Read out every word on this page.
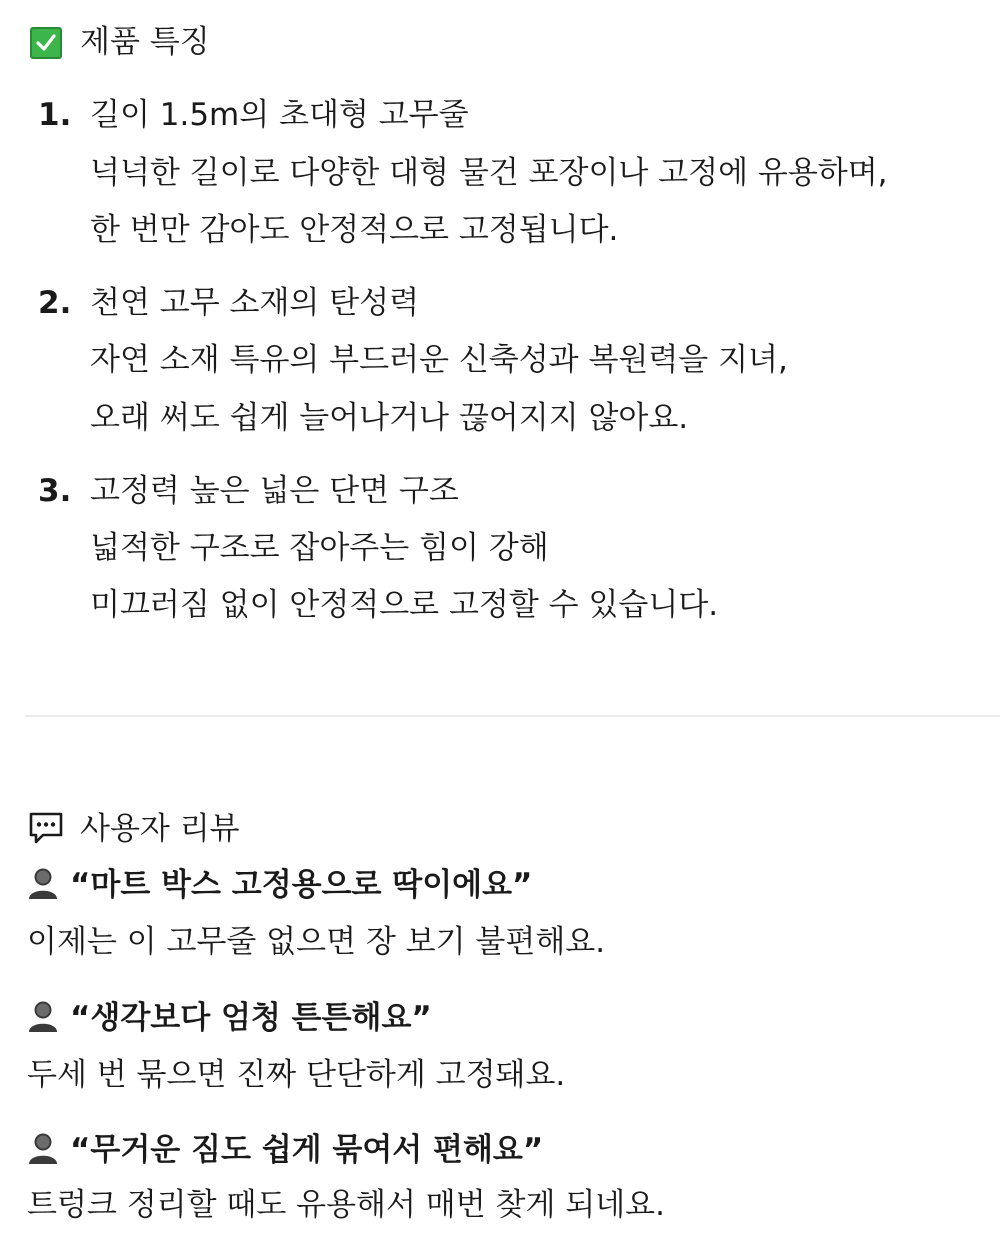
제품 특징
1. 길이 1.5m의 초대형 고무줄
넉넉한 길이로 다양한 대형 물건 포장이나 고정에 유용하며,
한 번만 감아도 안정적으로 고정됩니다.
2. 천연 고무 소재의 탄성력
자연 소재 특유의 부드러운 신축성과 복원력을 지녀,
오래 써도 쉽게 늘어나거나 끊어지지 않아요.
3. 고정력 높은 넓은 단면 구조
넓적한 구조로 잡아주는 힘이 강해
미끄러짐 없이 안정적으로 고정할 수 있습니다.
사용자 리뷰
“마트 박스 고정용으로 딱이에요”
이제는 이 고무줄 없으면 장 보기 불편해요.
“생각보다 엄청 튼튼해요”
두세 번 묶으면 진짜 단단하게 고정돼요.
“무거운 짐도 쉽게 묶여서 편해요”
트렁크 정리할 때도 유용해서 매번 찾게 되네요.
